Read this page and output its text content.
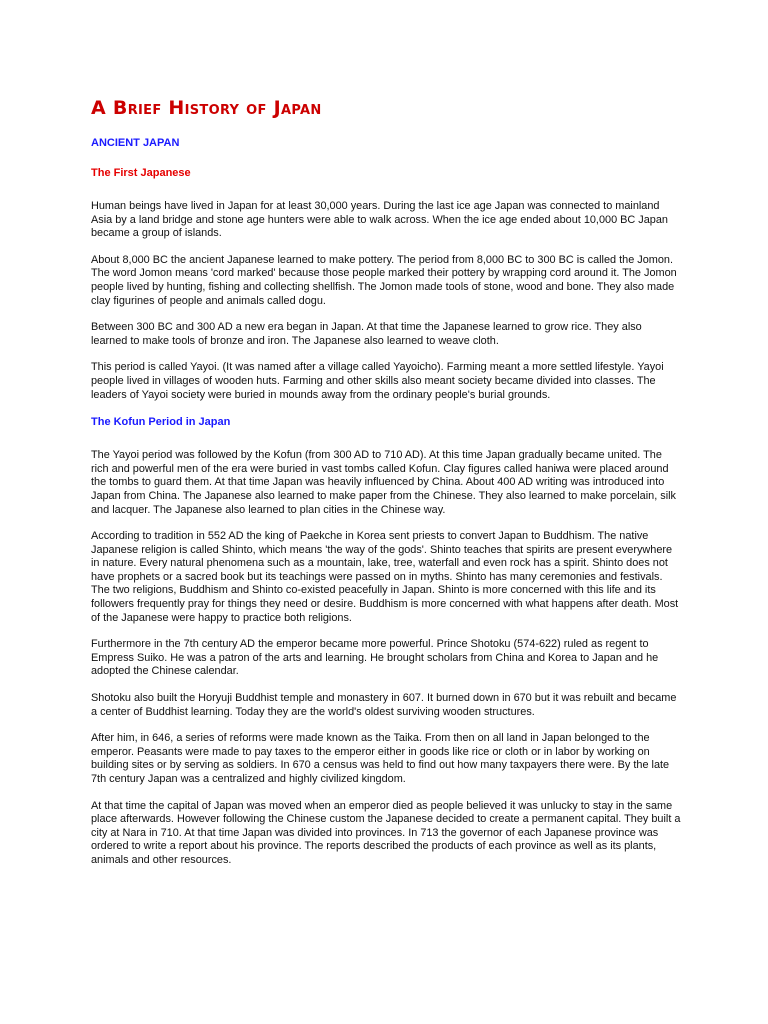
A Brief History of Japan
ANCIENT JAPAN
The First Japanese

Human beings have lived in Japan for at least 30,000 years. During the last ice age Japan was connected to mainland Asia by a land bridge and stone age hunters were able to walk across. When the ice age ended about 10,000 BC Japan became a group of islands.

About 8,000 BC the ancient Japanese learned to make pottery. The period from 8,000 BC to 300 BC is called the Jomon. The word Jomon means 'cord marked' because those people marked their pottery by wrapping cord around it. The Jomon people lived by hunting, fishing and collecting shellfish. The Jomon made tools of stone, wood and bone. They also made clay figurines of people and animals called dogu.

Between 300 BC and 300 AD a new era began in Japan. At that time the Japanese learned to grow rice. They also learned to make tools of bronze and iron. The Japanese also learned to weave cloth.

This period is called Yayoi. (It was named after a village called Yayoicho). Farming meant a more settled lifestyle. Yayoi people lived in villages of wooden huts. Farming and other skills also meant society became divided into classes. The leaders of Yayoi society were buried in mounds away from the ordinary people's burial grounds.

The Kofun Period in Japan

The Yayoi period was followed by the Kofun (from 300 AD to 710 AD). At this time Japan gradually became united. The rich and powerful men of the era were buried in vast tombs called Kofun. Clay figures called haniwa were placed around the tombs to guard them. At that time Japan was heavily influenced by China. About 400 AD writing was introduced into Japan from China. The Japanese also learned to make paper from the Chinese. They also learned to make porcelain, silk and lacquer. The Japanese also learned to plan cities in the Chinese way.

According to tradition in 552 AD the king of Paekche in Korea sent priests to convert Japan to Buddhism. The native Japanese religion is called Shinto, which means 'the way of the gods'. Shinto teaches that spirits are present everywhere in nature. Every natural phenomena such as a mountain, lake, tree, waterfall and even rock has a spirit. Shinto does not have prophets or a sacred book but its teachings were passed on in myths. Shinto has many ceremonies and festivals. The two religions, Buddhism and Shinto co-existed peacefully in Japan. Shinto is more concerned with this life and its followers frequently pray for things they need or desire. Buddhism is more concerned with what happens after death. Most of the Japanese were happy to practice both religions.

Furthermore in the 7th century AD the emperor became more powerful. Prince Shotoku (574-622) ruled as regent to Empress Suiko. He was a patron of the arts and learning. He brought scholars from China and Korea to Japan and he adopted the Chinese calendar.

Shotoku also built the Horyuji Buddhist temple and monastery in 607. It burned down in 670 but it was rebuilt and became a center of Buddhist learning. Today they are the world's oldest surviving wooden structures.

After him, in 646, a series of reforms were made known as the Taika. From then on all land in Japan belonged to the emperor. Peasants were made to pay taxes to the emperor either in goods like rice or cloth or in labor by working on building sites or by serving as soldiers. In 670 a census was held to find out how many taxpayers there were. By the late 7th century Japan was a centralized and highly civilized kingdom.

At that time the capital of Japan was moved when an emperor died as people believed it was unlucky to stay in the same place afterwards. However following the Chinese custom the Japanese decided to create a permanent capital. They built a city at Nara in 710. At that time Japan was divided into provinces. In 713 the governor of each Japanese province was ordered to write a report about his province. The reports described the products of each province as well as its plants, animals and other resources.
